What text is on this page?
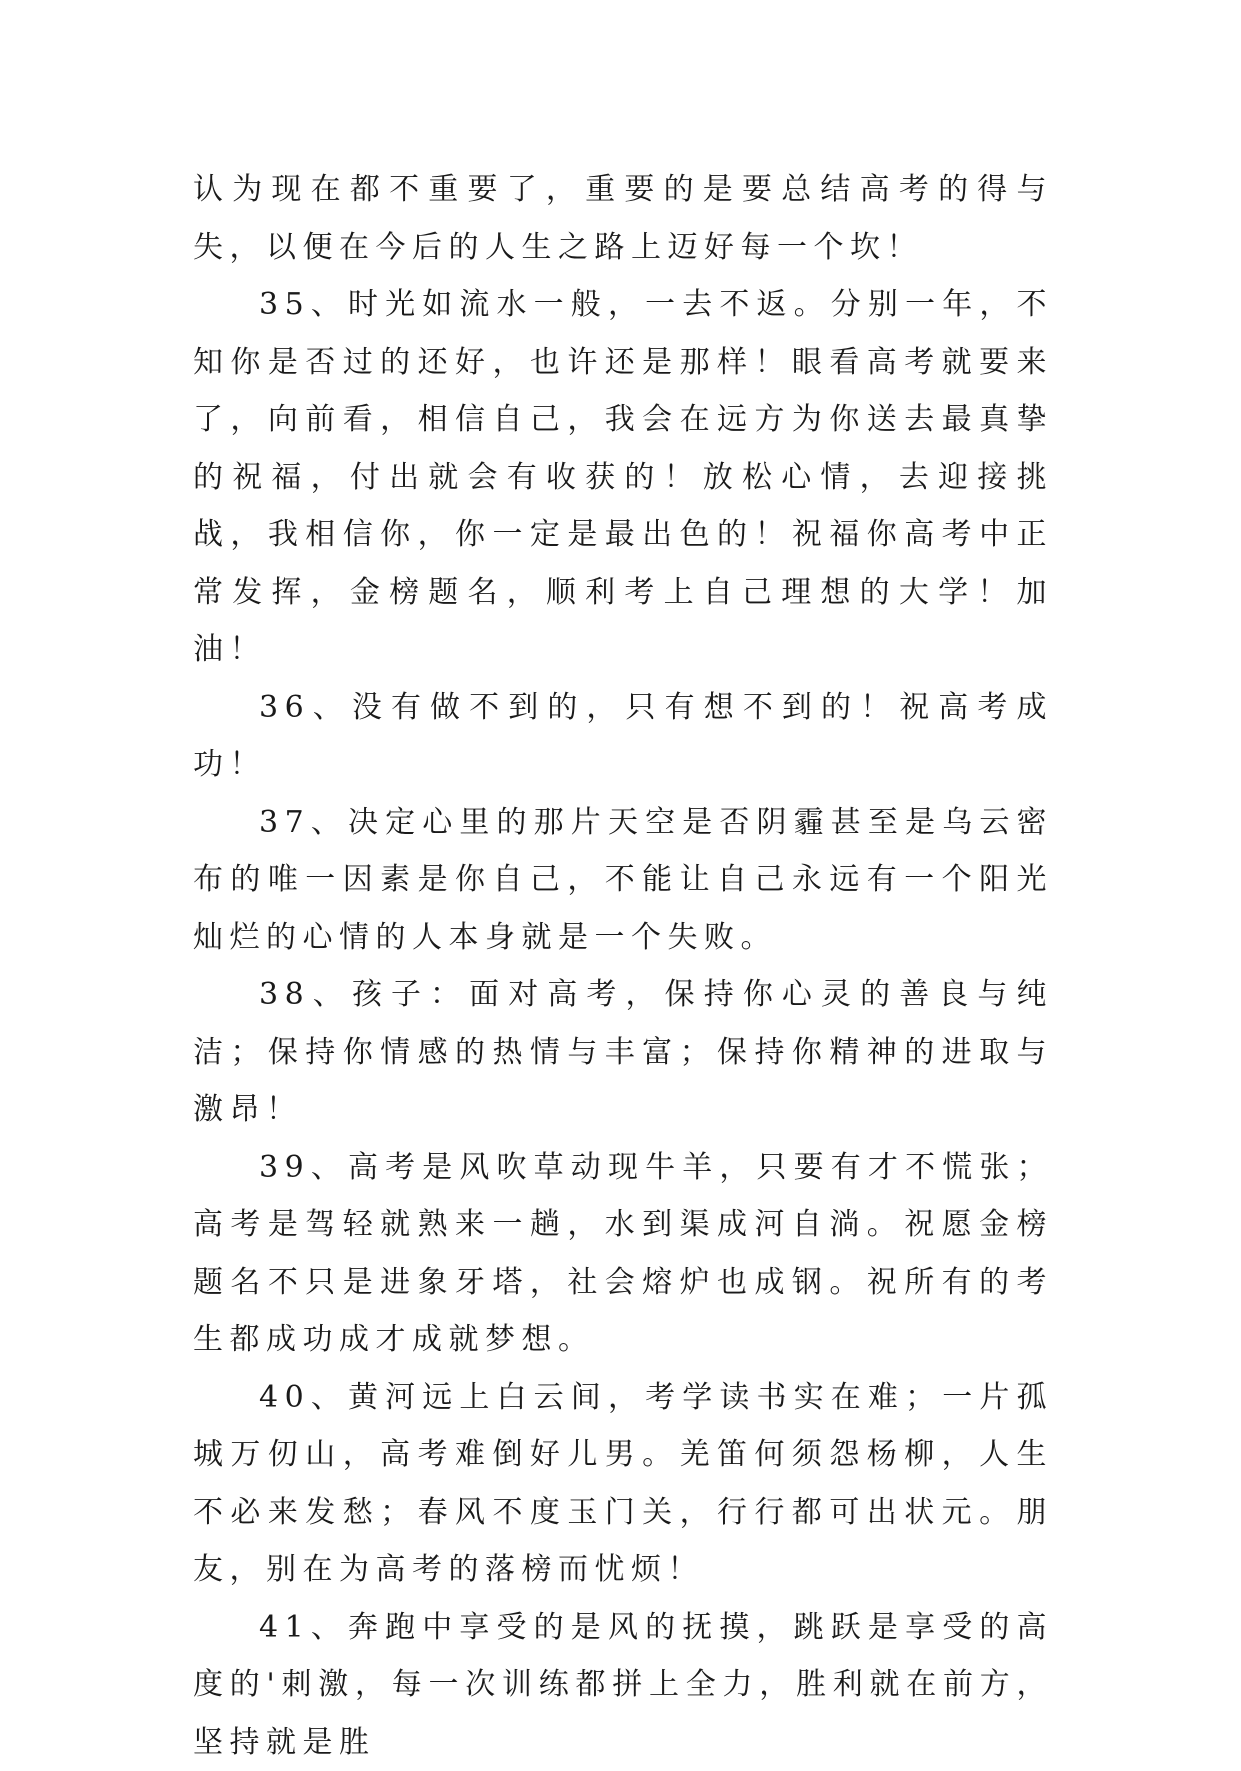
认为现在都不重要了，重要的是要总结高考的得与失，以便在今后的人生之路上迈好每一个坎！

35、时光如流水一般，一去不返。分别一年，不知你是否过的还好，也许还是那样！眼看高考就要来了，向前看，相信自己，我会在远方为你送去最真挚的祝福，付出就会有收获的！放松心情，去迎接挑战，我相信你，你一定是最出色的！祝福你高考中正常发挥，金榜题名，顺利考上自己理想的大学！加油！

36、没有做不到的，只有想不到的！祝高考成功！

37、决定心里的那片天空是否阴霾甚至是乌云密布的唯一因素是你自己，不能让自己永远有一个阳光灿烂的心情的人本身就是一个失败。

38、孩子：面对高考，保持你心灵的善良与纯洁；保持你情感的热情与丰富；保持你精神的进取与激昂！

39、高考是风吹草动现牛羊，只要有才不慌张；高考是驾轻就熟来一趟，水到渠成河自淌。祝愿金榜题名不只是进象牙塔，社会熔炉也成钢。祝所有的考生都成功成才成就梦想。

40、黄河远上白云间，考学读书实在难；一片孤城万仞山，高考难倒好儿男。羌笛何须怨杨柳，人生不必来发愁；春风不度玉门关，行行都可出状元。朋友，别在为高考的落榜而忧烦！

41、奔跑中享受的是风的抚摸，跳跃是享受的高度的'刺激，每一次训练都拼上全力，胜利就在前方，坚持就是胜
